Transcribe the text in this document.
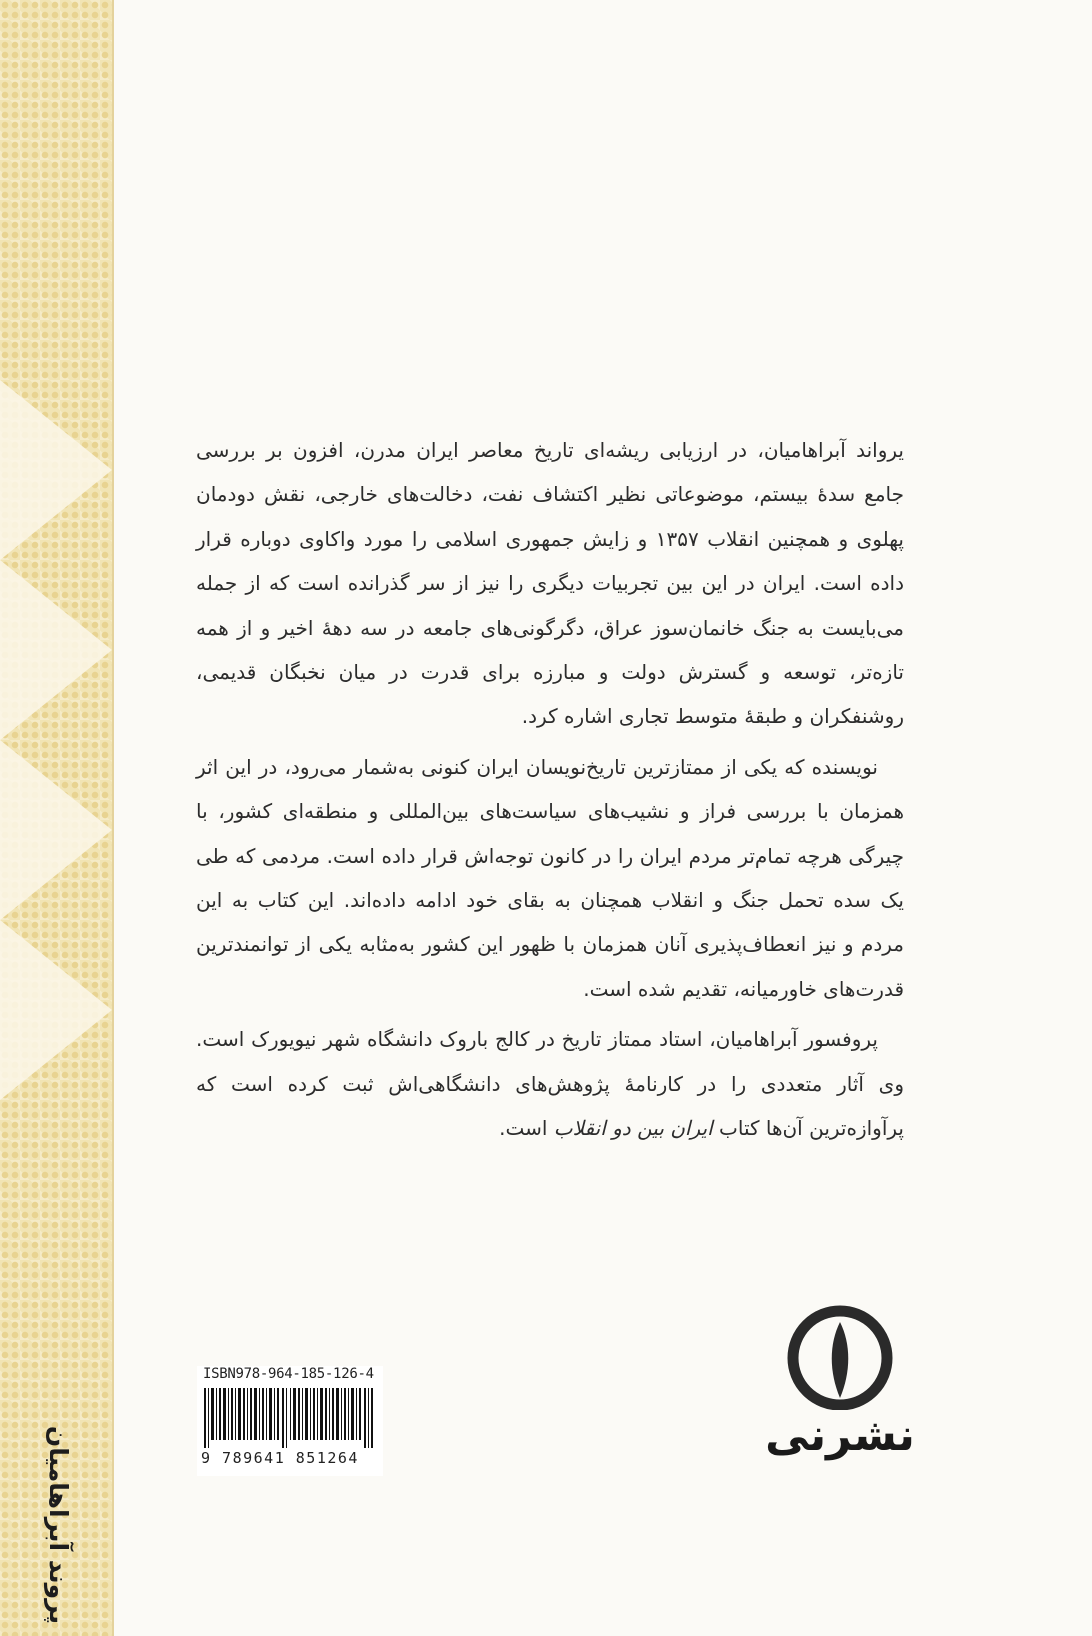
پروند آبراهامیان

یرواند آبراهامیان، در ارزیابی ریشه‌ای تاریخ معاصر ایران مدرن، افزون بر بررسی جامع سدهٔ بیستم، موضوعاتی نظیر اکتشاف نفت، دخالت‌های خارجی، نقش دودمان پهلوی و همچنین انقلاب ۱۳۵۷ و زایش جمهوری اسلامی را مورد واکاوی دوباره قرار داده است. ایران در این بین تجربیات دیگری را نیز از سر گذرانده است که از جمله می‌بایست به جنگ خانمان‌سوز عراق، دگرگونی‌های جامعه در سه دههٔ اخیر و از همه تازه‌تر، توسعه و گسترش دولت و مبارزه برای قدرت در میان نخبگان قدیمی، روشنفکران و طبقهٔ متوسط تجاری اشاره کرد.

نویسنده که یکی از ممتازترین تاریخ‌نویسان ایران کنونی به‌شمار می‌رود، در این اثر همزمان با بررسی فراز و نشیب‌های سیاست‌های بین‌المللی و منطقه‌ای کشور، با چیرگی هرچه تمام‌تر مردم ایران را در کانون توجه‌اش قرار داده است. مردمی که طی یک سده تحمل جنگ و انقلاب همچنان به بقای خود ادامه داده‌اند. این کتاب به این مردم و نیز انعطاف‌پذیری آنان همزمان با ظهور این کشور به‌مثابه یکی از توانمندترین قدرت‌های خاورمیانه، تقدیم شده است.

پروفسور آبراهامیان، استاد ممتاز تاریخ در کالج باروک دانشگاه شهر نیویورک است. وی آثار متعددی را در کارنامهٔ پژوهش‌های دانشگاهی‌اش ثبت کرده است که پرآوازه‌ترین آن‌ها کتاب ایران بین دو انقلاب است.

ISBN978-964-185-126-4
9 789641 851264	نشرنی
